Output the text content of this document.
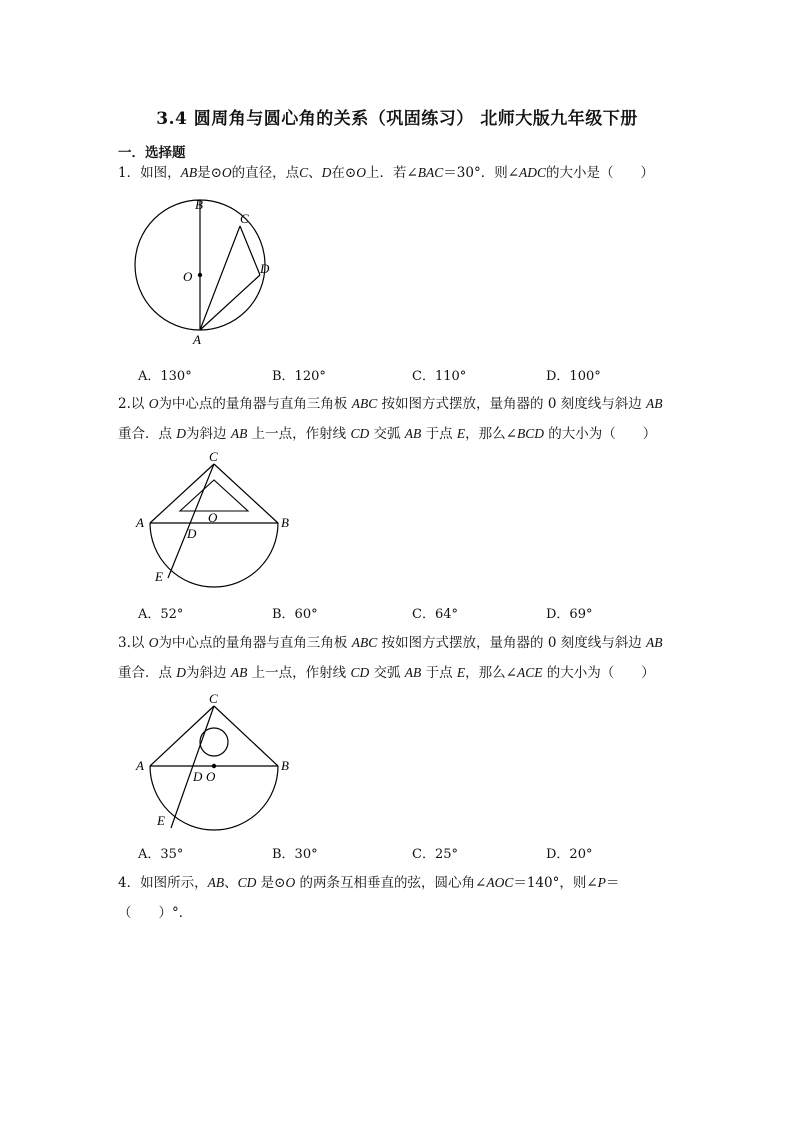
3.4 圆周角与圆心角的关系（巩固练习） 北师大版九年级下册
一．选择题
1．如图，AB是⊙O的直径，点C、D在⊙O上．若∠BAC＝30°．则∠ADC的大小是（　　）
B
C
D
O
A
A．130°	B．120°	C．110°	D．100°
2.以 O为中心点的量角器与直角三角板 ABC 按如图方式摆放，量角器的 0 刻度线与斜边 AB
重合．点 D为斜边 AB 上一点，作射线 CD 交弧 AB 于点 E，那么∠BCD 的大小为（　　）
C
A	O	B
D
E
A．52°	B．60°	C．64°	D．69°
3.以 O为中心点的量角器与直角三角板 ABC 按如图方式摆放，量角器的 0 刻度线与斜边 AB
重合．点 D为斜边 AB 上一点，作射线 CD 交弧 AB 于点 E，那么∠ACE 的大小为（　　）
C
A
D O
B
E
A．35°	B．30°	C．25°	D．20°
4．如图所示，AB、CD 是⊙O 的两条互相垂直的弦，圆心角∠AOC＝140°，则∠P＝
（　　）°．
